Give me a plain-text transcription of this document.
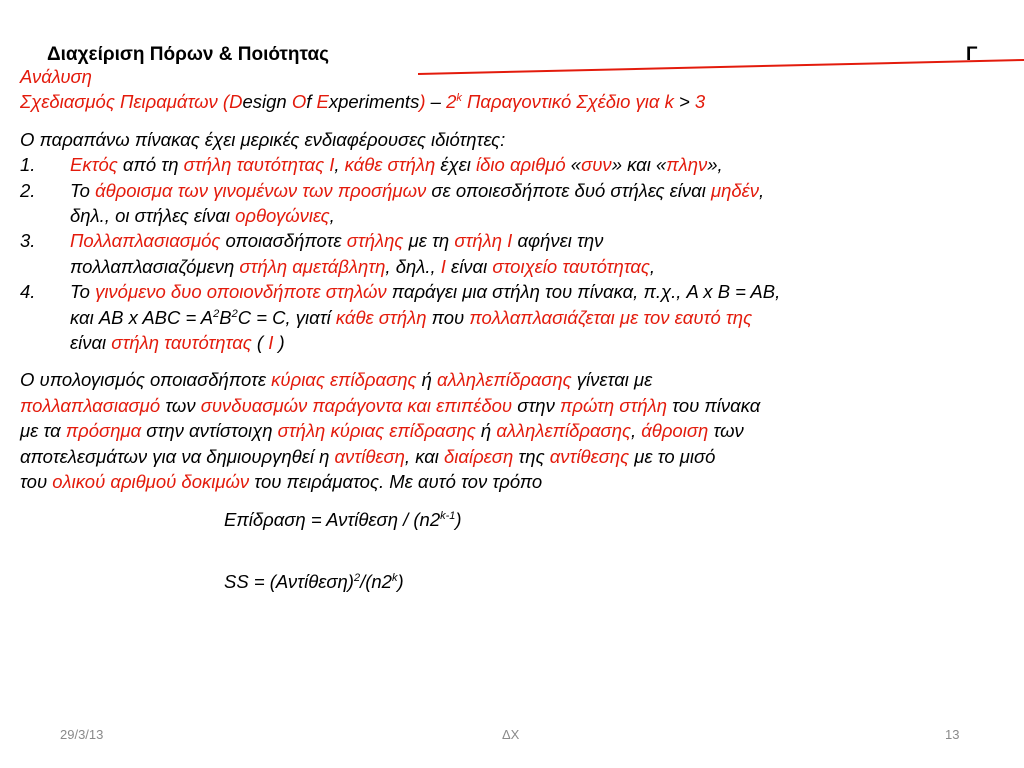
Διαχείριση Πόρων & Ποιότητας	Γ

Ανάλυση

Σχεδιασμός Πειραμάτων (Design Of Experiments) – 2$^k$ Παραγοντικό Σχέδιο για k > 3

Ο παραπάνω πίνακας έχει μερικές ενδιαφέρουσες ιδιότητες:

1. Εκτός από τη στήλη ταυτότητας Ι, κάθε στήλη έχει ίδιο αριθμό «συν» και «πλην»,
2. Το άθροισμα των γινομένων των προσήμων σε οποιεσδήποτε δυό στήλες είναι μηδέν,
δηλ., οι στήλες είναι ορθογώνιες,
3. Πολλαπλασιασμός οποιασδήποτε στήλης με τη στήλη Ι αφήνει την
πολλαπλασιαζόμενη στήλη αμετάβλητη, δηλ., Ι είναι στοιχείο ταυτότητας,
4. Το γινόμενο δυο οποιονδήποτε στηλών παράγει μια στήλη του πίνακα, π.χ., A x B = AB,
και AB x ABC = $A^2B^2C = C$, γιατί κάθε στήλη που πολλαπλασιάζεται με τον εαυτό της
είναι στήλη ταυτότητας ( Ι )
Ο υπολογισμός οποιασδήποτε κύριας επίδρασης ή αλληλεπίδρασης γίνεται με
πολλαπλασιασμό των συνδυασμών παράγοντα και επιπέδου στην πρώτη στήλη του πίνακα
με τα πρόσημα στην αντίστοιχη στήλη κύριας επίδρασης ή αλληλεπίδρασης, άθροιση των
αποτελεσμάτων για να δημιουργηθεί η αντίθεση, και διαίρεση της αντίθεσης με το μισό
του ολικού αριθμού δοκιμών του πειράματος. Με αυτό τον τρόπο

Επίδραση = Αντίθεση / (n2$^{k-1}$)

SS = $(A\nu\tau ί\theta\varepsilon\sigma\eta)^2/(n2^k)$

29/3/13	ΔΧ	13
